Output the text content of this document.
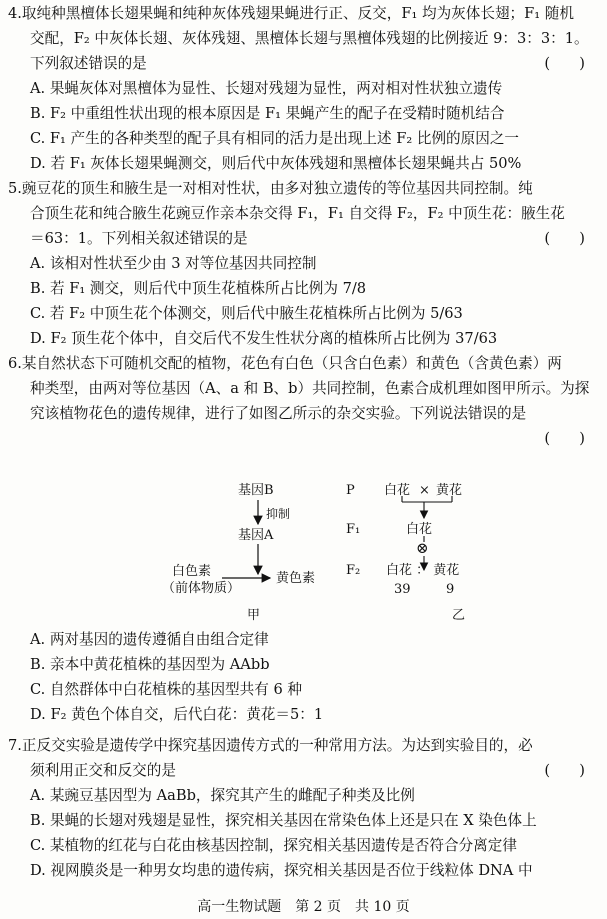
4.取纯种黑檀体长翅果蝇和纯种灰体残翅果蝇进行正、反交，F₁ 均为灰体长翅；F₁ 随机
交配，F₂ 中灰体长翅、灰体残翅、黑檀体长翅与黑檀体残翅的比例接近 9：3：3：1。
下列叙述错误的是	(　　)
A. 果蝇灰体对黑檀体为显性、长翅对残翅为显性，两对相对性状独立遗传
B. F₂ 中重组性状出现的根本原因是 F₁ 果蝇产生的配子在受精时随机结合
C. F₁ 产生的各种类型的配子具有相同的活力是出现上述 F₂ 比例的原因之一
D. 若 F₁ 灰体长翅果蝇测交，则后代中灰体残翅和黑檀体长翅果蝇共占 50%
5.豌豆花的顶生和腋生是一对相对性状，由多对独立遗传的等位基因共同控制。纯
合顶生花和纯合腋生花豌豆作亲本杂交得 F₁，F₁ 自交得 F₂，F₂ 中顶生花：腋生花
＝63：1。下列相关叙述错误的是	(　　)
A. 该相对性状至少由 3 对等位基因共同控制
B. 若 F₁ 测交，则后代中顶生花植株所占比例为 7/8
C. 若 F₂ 中顶生花个体测交，则后代中腋生花植株所占比例为 5/63
D. F₂ 顶生花个体中，自交后代不发生性状分离的植株所占比例为 37/63
6.某自然状态下可随机交配的植物，花色有白色（只含白色素）和黄色（含黄色素）两
种类型，由两对等位基因（A、a 和 B、b）共同控制，色素合成机理如图甲所示。为探
究该植物花色的遗传规律，进行了如图乙所示的杂交实验。下列说法错误的是
(　　)
基因B
抑制
基因A
白色素
（前体物质）
黄色素
甲
P 白花 × 黄花
F₁	白花
⊗
F₂ 白花 ： 黄花
39	9
乙
A. 两对基因的遗传遵循自由组合定律
B. 亲本中黄花植株的基因型为 AAbb
C. 自然群体中白花植株的基因型共有 6 种
D. F₂ 黄色个体自交，后代白花：黄花＝5：1
7.正反交实验是遗传学中探究基因遗传方式的一种常用方法。为达到实验目的，必
须利用正交和反交的是	(　　)
A. 某豌豆基因型为 AaBb，探究其产生的雌配子种类及比例
B. 果蝇的长翅对残翅是显性，探究相关基因在常染色体上还是只在 X 染色体上
C. 某植物的红花与白花由核基因控制，探究相关基因遗传是否符合分离定律
D. 视网膜炎是一种男女均患的遗传病，探究相关基因是否位于线粒体 DNA 中
高一生物试题　第 2 页　共 10 页
